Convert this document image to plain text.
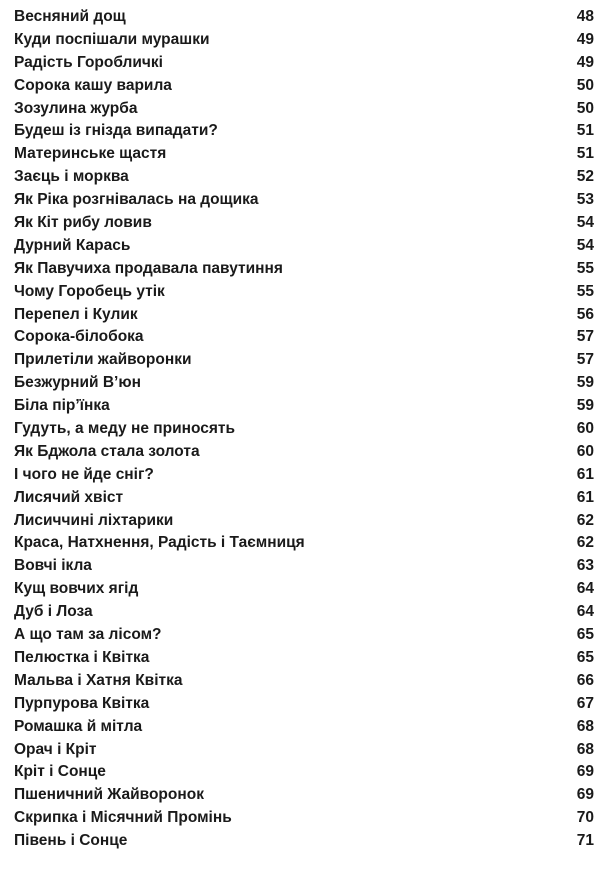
Весняний дощ	48
Куди поспішали мурашки	49
Радість Горобличкі	49
Сорока кашу варила	50
Зозулина журба	50
Будеш із гнізда випадати?	51
Материнське щастя	51
Заєць і морква	52
Як Ріка розгнівалась на дощика	53
Як Кіт рибу ловив	54
Дурний Карась	54
Як Павучиха продавала павутиння	55
Чому Горобець утік	55
Перепел і Кулик	56
Сорока-білобока	57
Прилетіли жайворонки	57
Безжурний В’юн	59
Біла пір’їнка	59
Гудуть, а меду не приносять	60
Як Бджола стала золота	60
І чого не йде сніг?	61
Лисячий хвіст	61
Лисиччині ліхтарики	62
Краса, Натхнення, Радість і Таємниця	62
Вовчі ікла	63
Кущ вовчих ягід	64
Дуб і Лоза	64
А що там за лісом?	65
Пелюстка і Квітка	65
Мальва і Хатня Квітка	66
Пурпурова Квітка	67
Ромашка й мітла	68
Орач і Кріт	68
Кріт і Сонце	69
Пшеничний Жайворонок	69
Скрипка і Місячний Промінь	70
Півень і Сонце	71
